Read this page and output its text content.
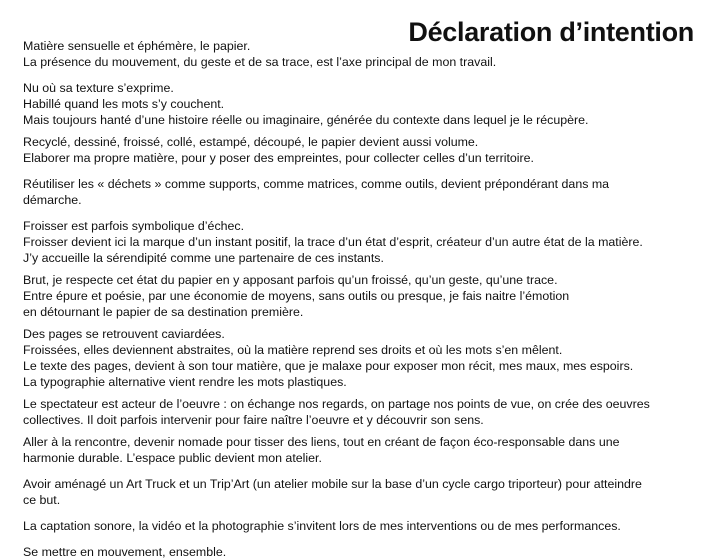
Déclaration d’intention

Matière sensuelle et éphémère, le papier.
La présence du mouvement, du geste et de sa trace, est l’axe principal de mon travail.

Nu où sa texture s’exprime.
Habillé quand les mots s’y couchent.
Mais toujours hanté d’une histoire réelle ou imaginaire, générée du contexte dans lequel je le récupère.

Recyclé, dessiné, froissé, collé, estampé, découpé, le papier devient aussi volume.
Elaborer ma propre matière, pour y poser des empreintes, pour collecter celles d’un territoire.

Réutiliser les « déchets » comme supports, comme matrices, comme outils, devient prépondérant dans ma
démarche.

Froisser est parfois symbolique d’échec.
Froisser devient ici la marque d’un instant positif, la trace d’un état d’esprit, créateur d’un autre état de la matière.
J’y accueille la sérendipité comme une partenaire de ces instants.

Brut, je respecte cet état du papier en y apposant parfois qu’un froissé, qu’un geste, qu’une trace.
Entre épure et poésie, par une économie de moyens, sans outils ou presque, je fais naitre l’émotion
en détournant le papier de sa destination première.

Des pages se retrouvent caviardées.
Froissées, elles deviennent abstraites, où la matière reprend ses droits et où les mots s’en mêlent.
Le texte des pages, devient à son tour matière, que je malaxe pour exposer mon récit, mes maux, mes espoirs.
La typographie alternative vient rendre les mots plastiques.

Le spectateur est acteur de l’oeuvre : on échange nos regards, on partage nos points de vue, on crée des oeuvres
collectives. Il doit parfois intervenir pour faire naître l’oeuvre et y découvrir son sens.

Aller à la rencontre, devenir nomade pour tisser des liens, tout en créant de façon éco-responsable dans une
harmonie durable. L’espace public devient mon atelier.

Avoir aménagé un Art Truck et un Trip’Art (un atelier mobile sur la base d’un cycle cargo triporteur) pour atteindre
ce but.

La captation sonore, la vidéo et la photographie s’invitent lors de mes interventions ou de mes performances.

Se mettre en mouvement, ensemble.
